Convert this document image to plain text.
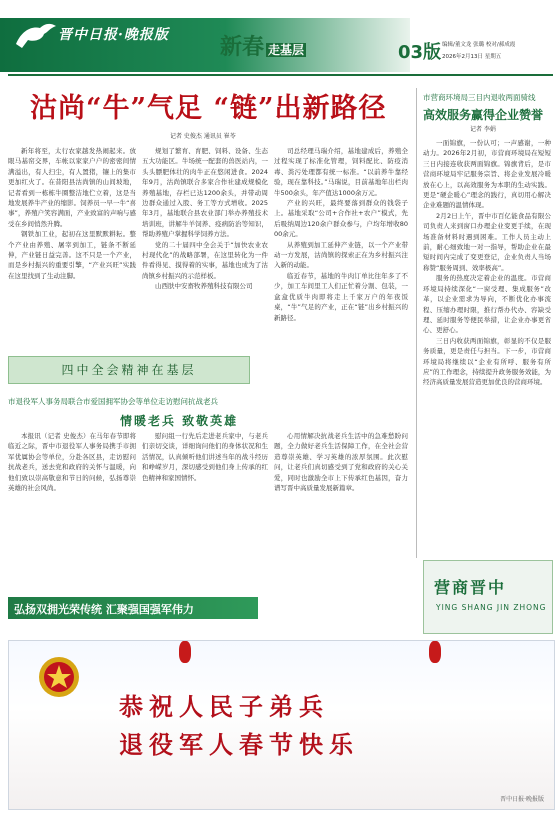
晋中日报·晚报版 新春 走基层	03版 编辑/董文龙 张璐 校对/郝成霞
2026年2月13日 星期五
沽尚“牛”气足 “链”出新路径
记者 史俊杰 通讯员 崔苓

新年将至，太行农家越发热闹起来。放眼马基窑交界，车帐以家家户户的密密间情满溢出，有人扫尘，有人置猪，镶上的集市更加红火了。在昔阳县沽尚镇的山间坡地，记者看到一栋栋牛圈整洁地伫立着，这是当地发展养牛产业的缩影。饲养员一早一牛“喜事”，养殖户笑容满面，产业致富的声响与感受在乡间悄然升腾。

钢铁加工业，起初在这里默默耕耘。整个产业由养殖、屠宰到加工，链条不断延伸，产业链日益完善。这不只是一个产业，而是乡村振兴的重要引擎，“产业兴旺”实践在这里找到了生动注脚。

规划了繁育、育肥、饲料、设备、生态五大功能区。牛场统一配套的兽医站内，一头头膘肥体壮的肉牛正在悠闲进食。2024年9月，沽尚镇联合多家合作社建成规模化养殖基地，存栏已达1200余头，并带动周边群众通过入股、务工等方式增收。2025年3月，基地联合县农业部门举办养殖技术培训班，讲解牛羊饲养、疫病防治等知识，帮助养殖户掌握科学饲养方法。

党的二十届四中全会关于“加快农业农村现代化”的战略部署，在这里转化为一件件看得见、摸得着的实事，基地也成为了沽尚镇乡村振兴的示范样板。

山西肤中安畜牧养殖科技有限公司

司总经理马瑞介绍，基地建成后，养殖全过程实现了标准化管理，饲料配比、防疫消毒、粪污处理都有统一标准。“以前养牛靠经验，现在靠科技。”马瑞说，目前基地年出栏肉牛500余头，年产值达1000余万元。

产业的兴旺，最终要落到群众的钱袋子上。基地采取“公司+合作社+农户”模式，先后吸纳周边120余户群众参与，户均年增收8000余元。

从养殖到加工延伸产业链，以一个产业带动一方发展，沽尚镇的探索正在为乡村振兴注入新的动能。

临近春节，基地的牛肉订单比往年多了不少，加工车间里工人们正忙着分割、包装，一盒盒优质牛肉即将走上千家万户的年夜饭桌，“牛”气足的产业，正在“链”出乡村振兴的新路径。

四中全会精神在基层
市营商环境局三目内退收两面骑线
高效服务赢得企业赞誉
记者 李娟

一面锦旗，一份认可；一声感谢，一种动力。2026年2月初，市营商环境局在短短三日内接连收获两面锦旗。锦旗背后，是市营商环境局牢记服务宗旨、将企业发展冷暖放在心上，以高效服务为本职的生动实践。更是“硬企暖心”理念的践行，真切用心解决企业难题的温情体现。

2月2日上午，晋中市百亿能食品有限公司负责人来到窗口办理企业变更手续，在现场准备材料时遇到困难。工作人员主动上前，耐心细致地一对一指导，帮助企业在最短时间内完成了变更登记，企业负责人当场称赞“服务周到、效率极高”。

服务的热度决定着企业的温度。市营商环境局持续深化“一窗受理、集成服务”改革，以企业需求为导向，不断优化办事流程、压缩办理时限，推行帮办代办、容缺受理、延时服务等便民举措，让企业办事更省心、更舒心。

三日内收获两面锦旗，彰显的不仅是服务质量，更是责任与担当。下一步，市营商环境局将继续以“企业有所呼、服务有所应”的工作理念，持续提升政务服务效能，为经济高质量发展营造更加优良的营商环境。

市退役军人事务局联合市爱国拥军协会等单位走访慰问抗战老兵
情暖老兵 致敬英雄
本报讯（记者 史俊杰）在马年春节即将临近之际，晋中市退役军人事务局携手市拥军优属协会等单位，分赴各区县，走访慰问抗战老兵，送去党和政府的关怀与温暖，向他们致以崇高敬意和节日的问候，弘扬尊崇英雄的社会风尚。
慰问组一行先后走进老兵家中，与老兵们亲切交谈，详细询问他们的身体状况和生活情况，认真倾听他们讲述当年的战斗经历和峥嵘岁月，深切感受到他们身上传承的红色精神和家国情怀。
心用情解决抗战老兵生活中的急难愁盼问题，全力做好老兵生活保障工作，在全社会营造尊崇英雄、学习英雄的浓厚氛围。此次慰问，让老兵们真切感受到了党和政府的关心关爱，同时也激励全市上下传承红色基因，奋力谱写晋中高质量发展新篇章。
弘扬双拥光荣传统 汇聚强国强军伟力
营商晋中
YING SHANG JIN ZHONG
恭祝人民子弟兵
退役军人春节快乐
晋中日报·晚报版
